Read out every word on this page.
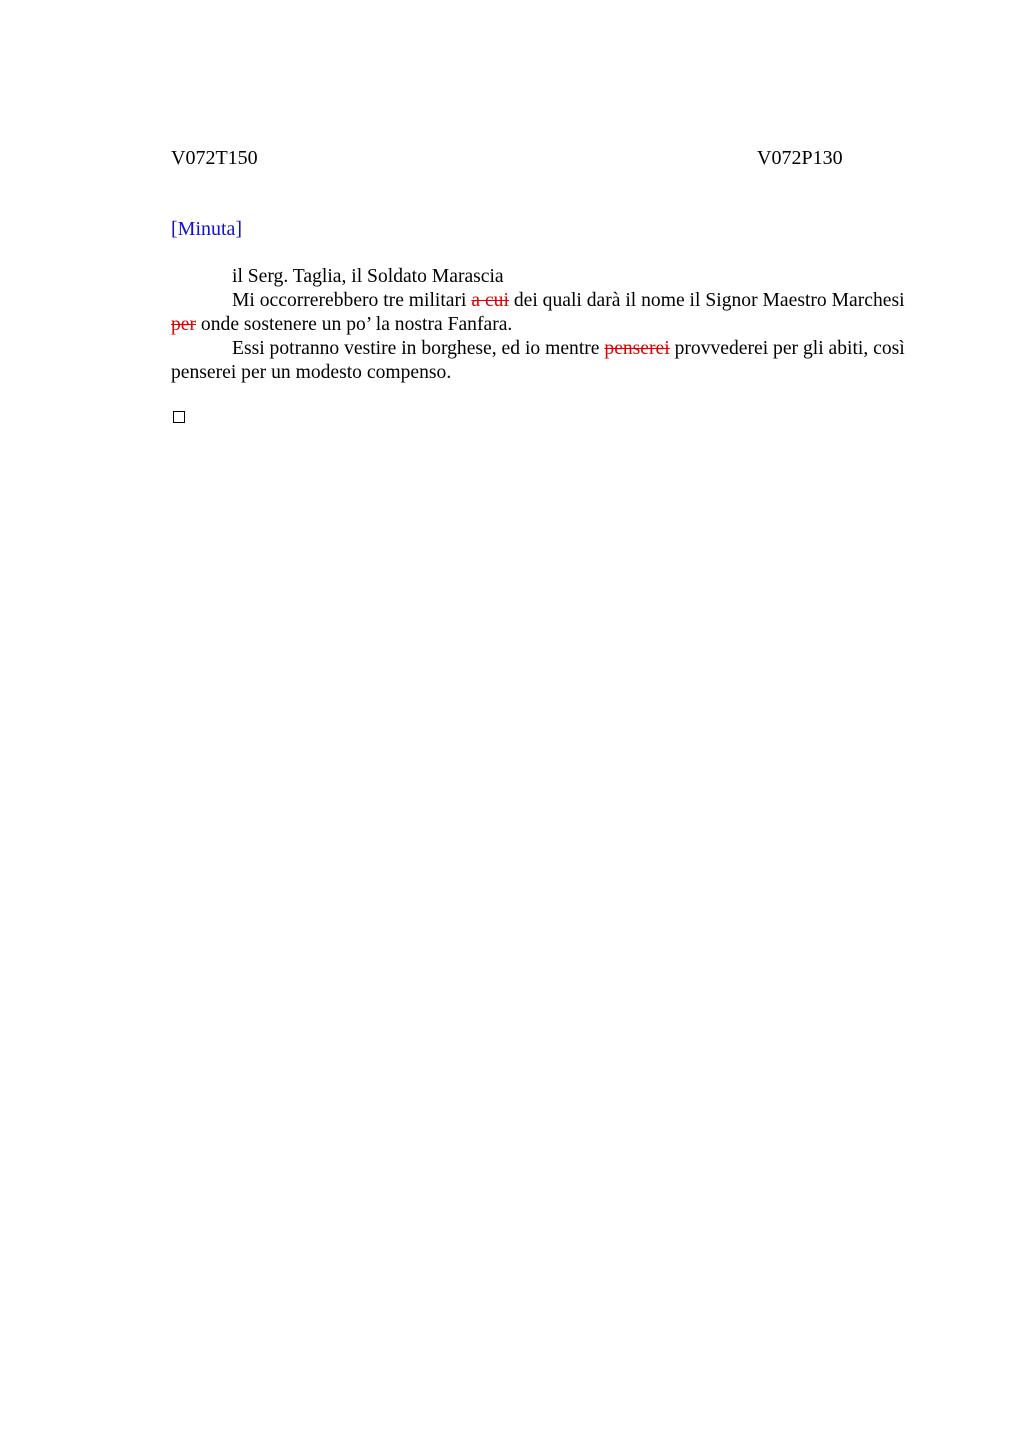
V072T150	V072P130
[Minuta]

il Serg. Taglia, il Soldato Marascia

Mi occorrerebbero tre militari a cui dei quali darà il nome il Signor Maestro Marchesi per onde sostenere un po’ la nostra Fanfara.

Essi potranno vestire in borghese, ed io mentre penserei provvederei per gli abiti, così penserei per un modesto compenso.
